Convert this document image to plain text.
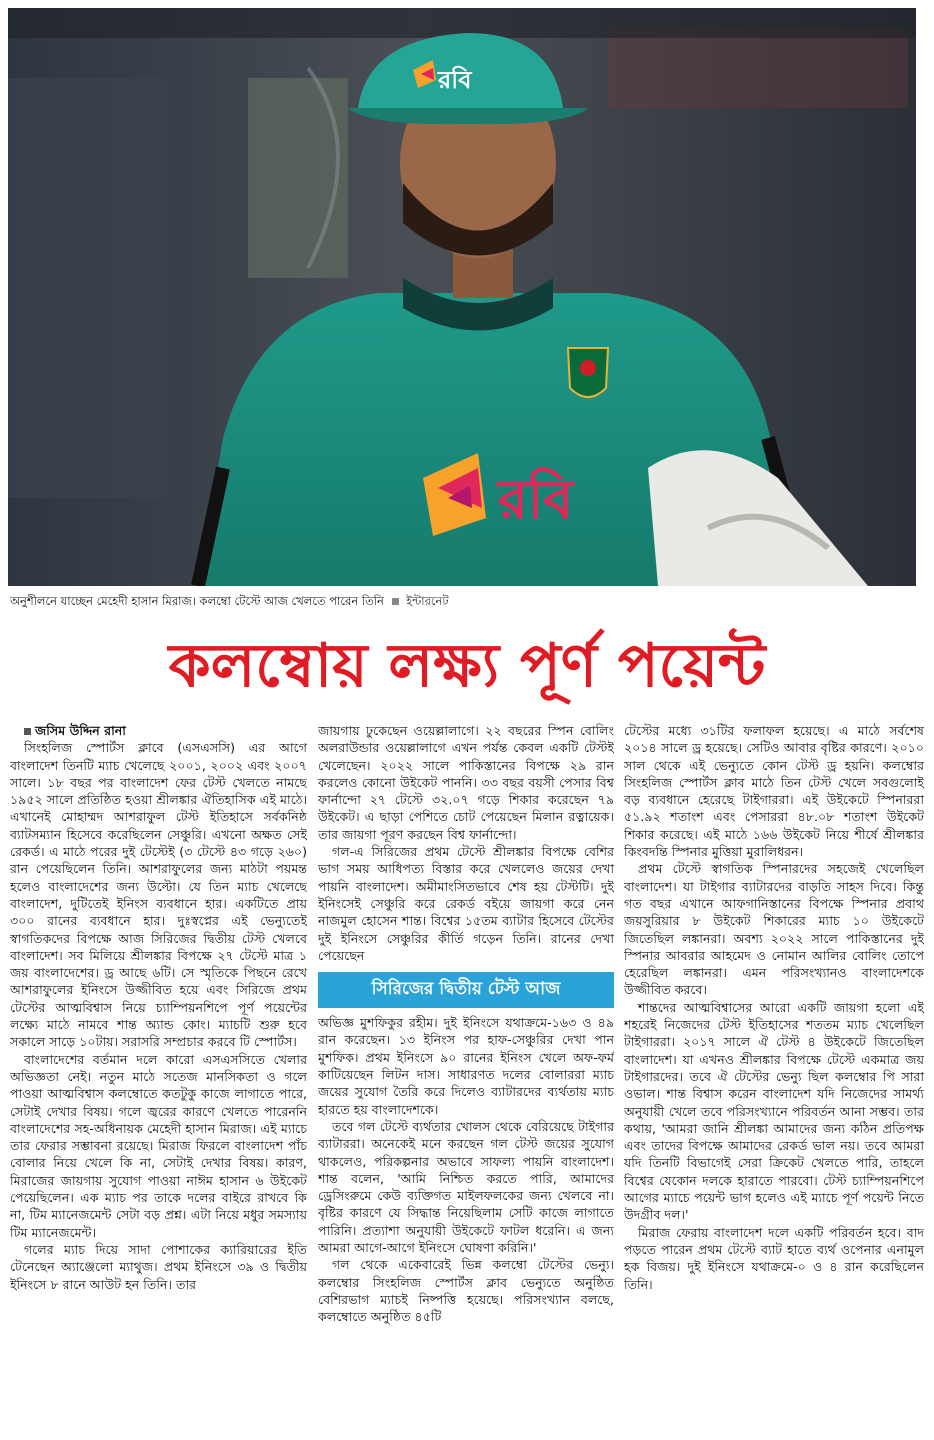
রবি
রবি
অনুশীলনে যাচ্ছেন মেহেদী হাসান মিরাজ। কলম্বো টেস্টে আজ খেলতে পারেন তিনি ইন্টারনেট
কলম্বোয় লক্ষ্য পূর্ণ পয়েন্ট

জসিম উদ্দিন রানা

সিংহলিজ স্পোর্টস ক্লাবে (এসএসসি) এর আগে বাংলাদেশ তিনটি ম্যাচ খেলেছে ২০০১, ২০০২ এবং ২০০৭ সালে। ১৮ বছর পর বাংলাদেশ ফের টেস্ট খেলতে নামছে ১৯৫২ সালে প্রতিষ্ঠিত হওয়া শ্রীলঙ্কার ঐতিহাসিক এই মাঠে। এখানেই মোহাম্মদ আশরাফুল টেস্ট ইতিহাসে সর্বকনিষ্ঠ ব্যাটসম্যান হিসেবে করেছিলেন সেঞ্চুরি। এখনো অক্ষত সেই রেকর্ড। এ মাঠে পরের দুই টেস্টেই (৩ টেস্টে ৪৩ গড়ে ২৬০) রান পেয়েছিলেন তিনি। আশরাফুলের জন্য মাঠটা পয়মন্ত হলেও বাংলাদেশের জন্য উল্টো। যে তিন ম্যাচ খেলেছে বাংলাদেশ, দুটিতেই ইনিংস ব্যবধানে হার। একটিতে প্রায় ৩০০ রানের ব্যবধানে হার। দুঃস্বপ্নের এই ভেন্যুতেই স্বাগতিকদের বিপক্ষে আজ সিরিজের দ্বিতীয় টেস্ট খেলবে বাংলাদেশ। সব মিলিয়ে শ্রীলঙ্কার বিপক্ষে ২৭ টেস্টে মাত্র ১ জয় বাংলাদেশের। ড্র আছে ৬টি। সে স্মৃতিকে পিছনে রেখে আশরাফুলের ইনিংসে উজ্জীবিত হয়ে এবং সিরিজে প্রথম টেস্টের আত্মবিশ্বাস নিয়ে চ্যাম্পিয়নশিপে পূর্ণ পয়েন্টের লক্ষ্যে মাঠে নামবে শান্ত অ্যান্ড কোং। ম্যাচটি শুরু হবে সকালে সাড়ে ১০টায়। সরাসরি সম্প্রচার করবে টি স্পোর্টস।

বাংলাদেশের বর্তমান দলে কারো এসএসসিতে খেলার অভিজ্ঞতা নেই। নতুন মাঠে সতেজ মানসিকতা ও গলে পাওয়া আত্মবিশ্বাস কলম্বোতে কতটুকু কাজে লাগাতে পারে, সেটাই দেখার বিষয়। গলে জ্বরের কারণে খেলতে পারেননি বাংলাদেশের সহ-অধিনায়ক মেহেদী হাসান মিরাজ। এই ম্যাচে তার ফেরার সম্ভাবনা রয়েছে। মিরাজ ফিরলে বাংলাদেশ পাঁচ বোলার নিয়ে খেলে কি না, সেটাই দেখার বিষয়। কারণ, মিরাজের জায়গায় সুযোগ পাওয়া নাঈম হাসান ৬ উইকেট পেয়েছিলেন। এক ম্যাচ পর তাকে দলের বাইরে রাখবে কি না, টিম ম্যানেজমেন্ট সেটা বড় প্রশ্ন। এটা নিয়ে মধুর সমস্যায় টিম ম্যানেজমেন্ট।

গলের ম্যাচ দিয়ে সাদা পোশাকের ক্যারিয়ারের ইতি টেনেছেন অ্যাঞ্জেলো ম্যাথুজ। প্রথম ইনিংসে ৩৯ ও দ্বিতীয় ইনিংসে ৮ রানে আউট হন তিনি। তার

জায়গায় ঢুকেছেন ওয়েল্লালাগে। ২২ বছরের স্পিন বোলিং অলরাউন্ডার ওয়েল্লালাগে এখন পর্যন্ত কেবল একটি টেস্টই খেলেছেন। ২০২২ সালে পাকিস্তানের বিপক্ষে ২৯ রান করলেও কোনো উইকেট পাননি। ৩৩ বছর বয়সী পেসার বিশ্ব ফার্নান্দো ২৭ টেস্টে ৩২.০৭ গড়ে শিকার করেছেন ৭৯ উইকেট। এ ছাড়া পেশিতে চোট পেয়েছেন মিলান রত্নায়েক। তার জায়গা পূরণ করছেন বিশ্ব ফার্নান্দো।

গল-এ সিরিজের প্রথম টেস্টে শ্রীলঙ্কার বিপক্ষে বেশির ভাগ সময় আধিপত্য বিস্তার করে খেললেও জয়ের দেখা পায়নি বাংলাদেশ। অমীমাংসিতভাবে শেষ হয় টেস্টটি। দুই ইনিংসেই সেঞ্চুরি করে রেকর্ড বইয়ে জায়গা করে নেন নাজমুল হোসেন শান্ত। বিশ্বের ১৫তম ব্যাটার হিসেবে টেস্টের দুই ইনিংসে সেঞ্চুরির কীর্তি গড়েন তিনি। রানের দেখা পেয়েছেন

সিরিজের দ্বিতীয় টেস্ট আজ

অভিজ্ঞ মুশফিকুর রহীম। দুই ইনিংসে যথাক্রমে-১৬৩ ও ৪৯ রান করেছেন। ১৩ ইনিংস পর হাফ-সেঞ্চুরির দেখা পান মুশফিক। প্রথম ইনিংসে ৯০ রানের ইনিংস খেলে অফ-ফর্ম কাটিয়েছেন লিটন দাস। সাধারণত দলের বোলাররা ম্যাচ জয়ের সুযোগ তৈরি করে দিলেও ব্যাটারদের ব্যর্থতায় ম্যাচ হারতে হয় বাংলাদেশকে।

তবে গল টেস্টে ব্যর্থতার খোলস থেকে বেরিয়েছে টাইগার ব্যাটাররা। অনেকেই মনে করছেন গল টেস্ট জয়ের সুযোগ থাকলেও, পরিকল্পনার অভাবে সাফল্য পায়নি বাংলাদেশ। শান্ত বলেন, 'আমি নিশ্চিত করতে পারি, আমাদের ড্রেসিংরুমে কেউ ব্যক্তিগত মাইলফলকের জন্য খেলবে না। বৃষ্টির কারণে যে সিদ্ধান্ত নিয়েছিলাম সেটি কাজে লাগাতে পারিনি। প্রত্যাশা অনুযায়ী উইকেটে ফাটল ধরেনি। এ জন্য আমরা আগে-আগে ইনিংসে ঘোষণা করিনি।'

গল থেকে একেবারেই ভিন্ন কলম্বো টেস্টের ভেন্যু। কলম্বোর সিংহলিজ স্পোর্টস ক্লাব ভেন্যুতে অনুষ্ঠিত বেশিরভাগ ম্যাচই নিষ্পত্তি হয়েছে। পরিসংখ্যান বলছে, কলম্বোতে অনুষ্ঠিত ৪৫টি

টেস্টের মধ্যে ৩১টির ফলাফল হয়েছে। এ মাঠে সর্বশেষ ২০১৪ সালে ড্র হয়েছে। সেটিও আবার বৃষ্টির কারণে। ২০১০ সাল থেকে এই ভেন্যুতে কোন টেস্ট ড্র হয়নি। কলম্বোর সিংহলিজ স্পোর্টস ক্লাব মাঠে তিন টেস্ট খেলে সবগুলোই বড় ব্যবধানে হেরেছে টাইগাররা। এই উইকেটে স্পিনাররা ৫১.৯২ শতাংশ এবং পেসাররা ৪৮.০৮ শতাংশ উইকেট শিকার করেছে। এই মাঠে ১৬৬ উইকেট নিয়ে শীর্ষে শ্রীলঙ্কার কিংবদন্তি স্পিনার মুত্তিয়া মুরালিধরন।

প্রথম টেস্টে স্বাগতিক স্পিনারদের সহজেই খেলেছিল বাংলাদেশ। যা টাইগার ব্যাটারদের বাড়তি সাহস দিবে। কিন্তু গত বছর এখানে আফগানিস্তানের বিপক্ষে স্পিনার প্রবাথ জয়সুরিয়ার ৮ উইকেট শিকারের ম্যাচ ১০ উইকেটে জিতেছিল লঙ্কানরা। অবশ্য ২০২২ সালে পাকিস্তানের দুই স্পিনার আবরার আহমেদ ও নোমান আলির বোলিং তোপে হেরেছিল লঙ্কানরা। এমন পরিসংখ্যানও বাংলাদেশকে উজ্জীবিত করবে।

শান্তদের আত্মবিশ্বাসের আরো একটি জায়গা হলো এই শহরেই নিজেদের টেস্ট ইতিহাসের শততম ম্যাচ খেলেছিল টাইগাররা। ২০১৭ সালে ঐ টেস্ট ৪ উইকেটে জিতেছিল বাংলাদেশ। যা এখনও শ্রীলঙ্কার বিপক্ষে টেস্টে একমাত্র জয় টাইগারদের। তবে ঐ টেস্টের ভেন্যু ছিল কলম্বোর পি সারা ওভাল। শান্ত বিশ্বাস করেন বাংলাদেশ যদি নিজেদের সামর্থ্য অনুযায়ী খেলে তবে পরিসংখ্যানে পরিবর্তন আনা সম্ভব। তার কথায়, 'আমরা জানি শ্রীলঙ্কা আমাদের জন্য কঠিন প্রতিপক্ষ এবং তাদের বিপক্ষে আমাদের রেকর্ড ভাল নয়। তবে আমরা যদি তিনটি বিভাগেই সেরা ক্রিকেট খেলতে পারি, তাহলে বিশ্বের যেকোন দলকে হারাতে পারবো। টেস্ট চ্যাম্পিয়নশিপে আগের ম্যাচে পয়েন্ট ভাগ হলেও এই ম্যাচে পূর্ণ পয়েন্ট নিতে উদগ্রীব দল।'

মিরাজ ফেরায় বাংলাদেশ দলে একটি পরিবর্তন হবে। বাদ পড়তে পারেন প্রথম টেস্টে ব্যাট হাতে ব্যর্থ ওপেনার এনামুল হক বিজয়। দুই ইনিংসে যথাক্রমে-০ ও ৪ রান করেছিলেন তিনি।
